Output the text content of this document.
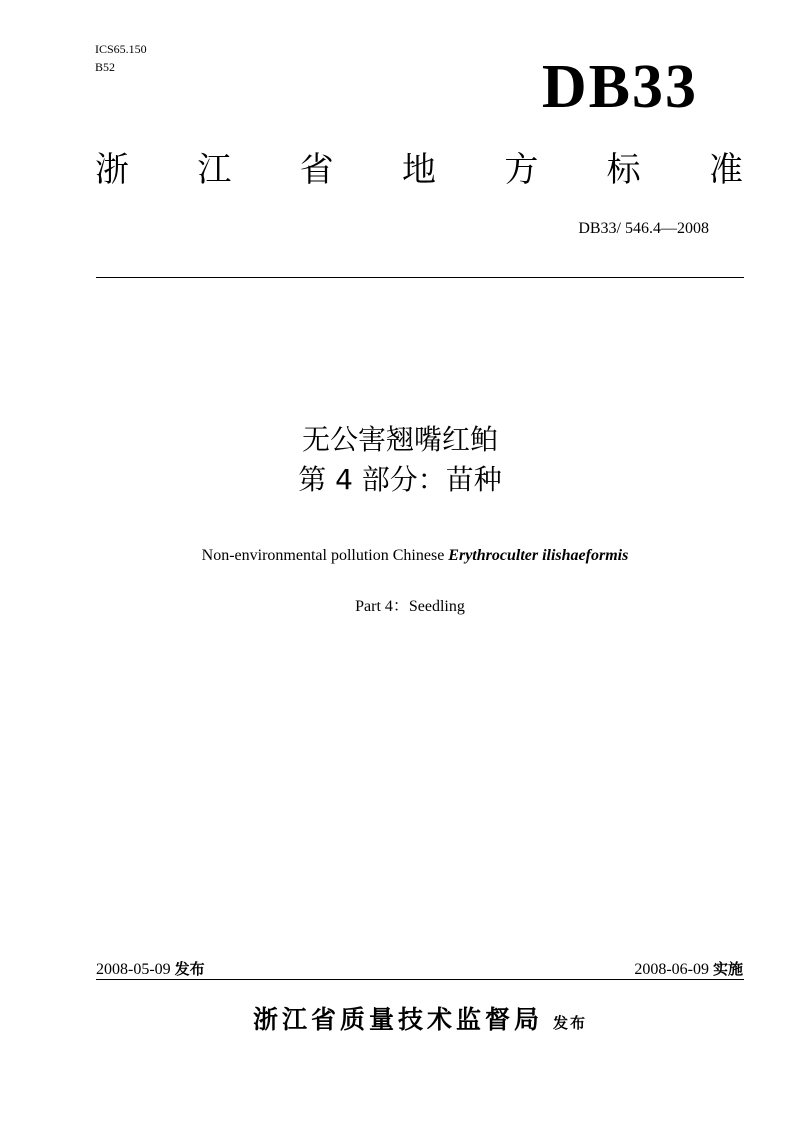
ICS65.150
B52	DB33
浙 江 省 地 方 标 准
DB33/ 546.4—2008
无公害翘嘴红鲌
第 4 部分：苗种
Non-environmental pollution Chinese Erythroculter ilishaeformis
Part 4：Seedling
2008-05-09 发布	2008-06-09 实施
浙江省质量技术监督局 发布
